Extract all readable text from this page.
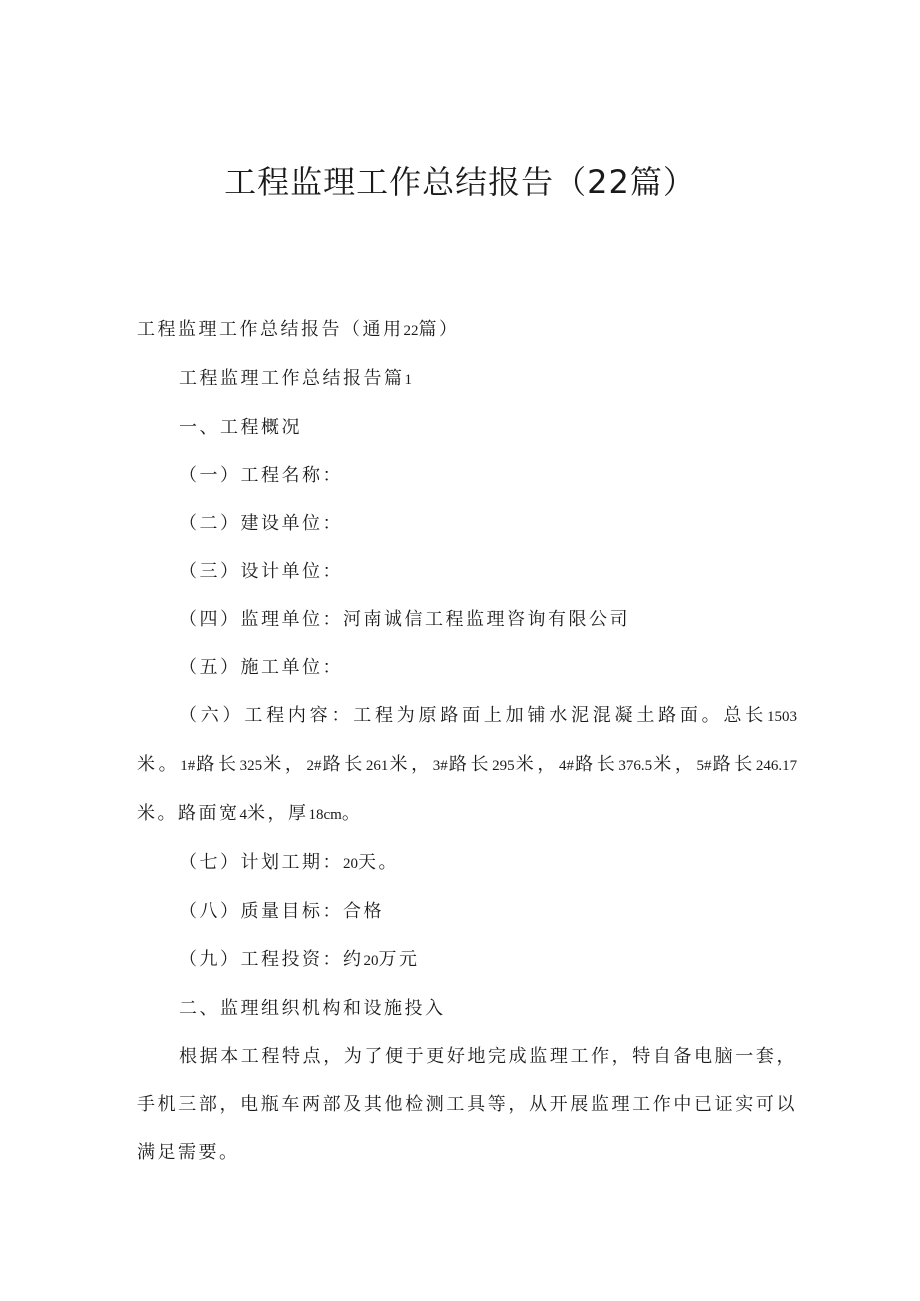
工程监理工作总结报告（22篇）

工程监理工作总结报告（通用22篇）

工程监理工作总结报告篇1

一、工程概况

（一）工程名称：

（二）建设单位：

（三）设计单位：

（四）监理单位：河南诚信工程监理咨询有限公司

（五）施工单位：

（六）工程内容：工程为原路面上加铺水泥混凝土路面。总长1503米。1#路长325米，2#路长261米，3#路长295米，4#路长376.5米，5#路长246.17米。路面宽4米，厚18cm。

（七）计划工期：20天。

（八）质量目标：合格

（九）工程投资：约20万元

二、监理组织机构和设施投入

根据本工程特点，为了便于更好地完成监理工作，特自备电脑一套，手机三部，电瓶车两部及其他检测工具等，从开展监理工作中已证实可以满足需要。
